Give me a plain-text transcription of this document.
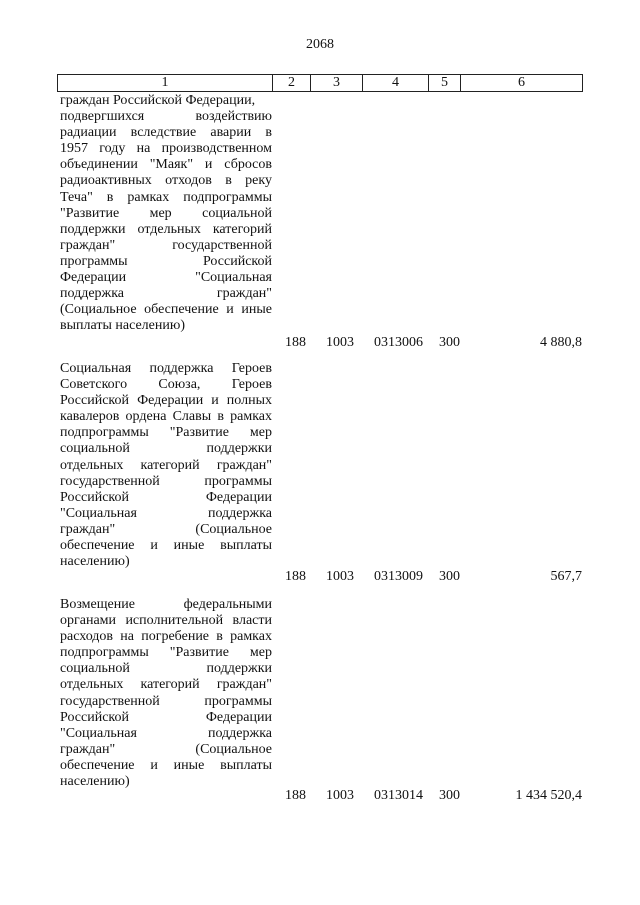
2068
1	2	3	4	5	6
граждан Российской Федерации,
подвергшихся воздействию
радиации вследствие аварии в
1957 году на производственном
объединении "Маяк" и сбросов
радиоактивных отходов в реку
Теча" в рамках подпрограммы
"Развитие мер социальной
поддержки отдельных категорий
граждан" государственной
программы Российской
Федерации "Социальная
поддержка граждан"
(Социальное обеспечение и иные
выплаты населению)
188 1003 0313006 300	4 880,8
Социальная поддержка Героев
Советского Союза, Героев
Российской Федерации и полных
кавалеров ордена Славы в рамках
подпрограммы "Развитие мер
социальной поддержки
отдельных категорий граждан"
государственной программы
Российской Федерации
"Социальная поддержка
граждан" (Социальное
обеспечение и иные выплаты
населению)
188 1003 0313009 300	567,7
Возмещение федеральными
органами исполнительной власти
расходов на погребение в рамках
подпрограммы "Развитие мер
социальной поддержки
отдельных категорий граждан"
государственной программы
Российской Федерации
"Социальная поддержка
граждан" (Социальное
обеспечение и иные выплаты
населению)
188 1003 0313014 300	1 434 520,4
